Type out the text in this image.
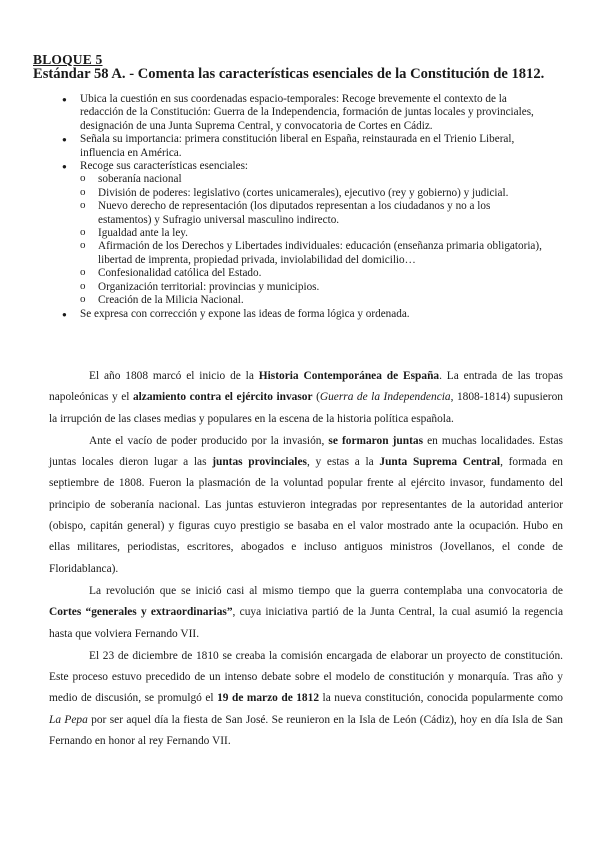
BLOQUE 5
Estándar 58 A. - Comenta las características esenciales de la Constitución de 1812.
● Ubica la cuestión en sus coordenadas espacio-temporales: Recoge brevemente el contexto de la redacción de la Constitución: Guerra de la Independencia, formación de juntas locales y provinciales, designación de una Junta Suprema Central, y convocatoria de Cortes en Cádiz.
● Señala su importancia: primera constitución liberal en España, reinstaurada en el Trienio Liberal, influencia en América.
● Recoge sus características esenciales:
o soberanía nacional
o División de poderes: legislativo (cortes unicamerales), ejecutivo (rey y gobierno) y judicial.
o Nuevo derecho de representación (los diputados representan a los ciudadanos y no a los estamentos) y Sufragio universal masculino indirecto.
o Igualdad ante la ley.
o Afirmación de los Derechos y Libertades individuales: educación (enseñanza primaria obligatoria), libertad de imprenta, propiedad privada, inviolabilidad del domicilio…
o Confesionalidad católica del Estado.
o Organización territorial: provincias y municipios.
o Creación de la Milicia Nacional.
● Se expresa con corrección y expone las ideas de forma lógica y ordenada.

El año 1808 marcó el inicio de la Historia Contemporánea de España. La entrada de las tropas napoleónicas y el alzamiento contra el ejército invasor (Guerra de la Independencia, 1808-1814) supusieron la irrupción de las clases medias y populares en la escena de la historia política española.

Ante el vacío de poder producido por la invasión, se formaron juntas en muchas localidades. Estas juntas locales dieron lugar a las juntas provinciales, y estas a la Junta Suprema Central, formada en septiembre de 1808. Fueron la plasmación de la voluntad popular frente al ejército invasor, fundamento del principio de soberanía nacional. Las juntas estuvieron integradas por representantes de la autoridad anterior (obispo, capitán general) y figuras cuyo prestigio se basaba en el valor mostrado ante la ocupación. Hubo en ellas militares, periodistas, escritores, abogados e incluso antiguos ministros (Jovellanos, el conde de Floridablanca).

La revolución que se inició casi al mismo tiempo que la guerra contemplaba una convocatoria de Cortes “generales y extraordinarias”, cuya iniciativa partió de la Junta Central, la cual asumió la regencia hasta que volviera Fernando VII.

El 23 de diciembre de 1810 se creaba la comisión encargada de elaborar un proyecto de constitución. Este proceso estuvo precedido de un intenso debate sobre el modelo de constitución y monarquía. Tras año y medio de discusión, se promulgó el 19 de marzo de 1812 la nueva constitución, conocida popularmente como La Pepa por ser aquel día la fiesta de San José. Se reunieron en la Isla de León (Cádiz), hoy en día Isla de San Fernando en honor al rey Fernando VII.
